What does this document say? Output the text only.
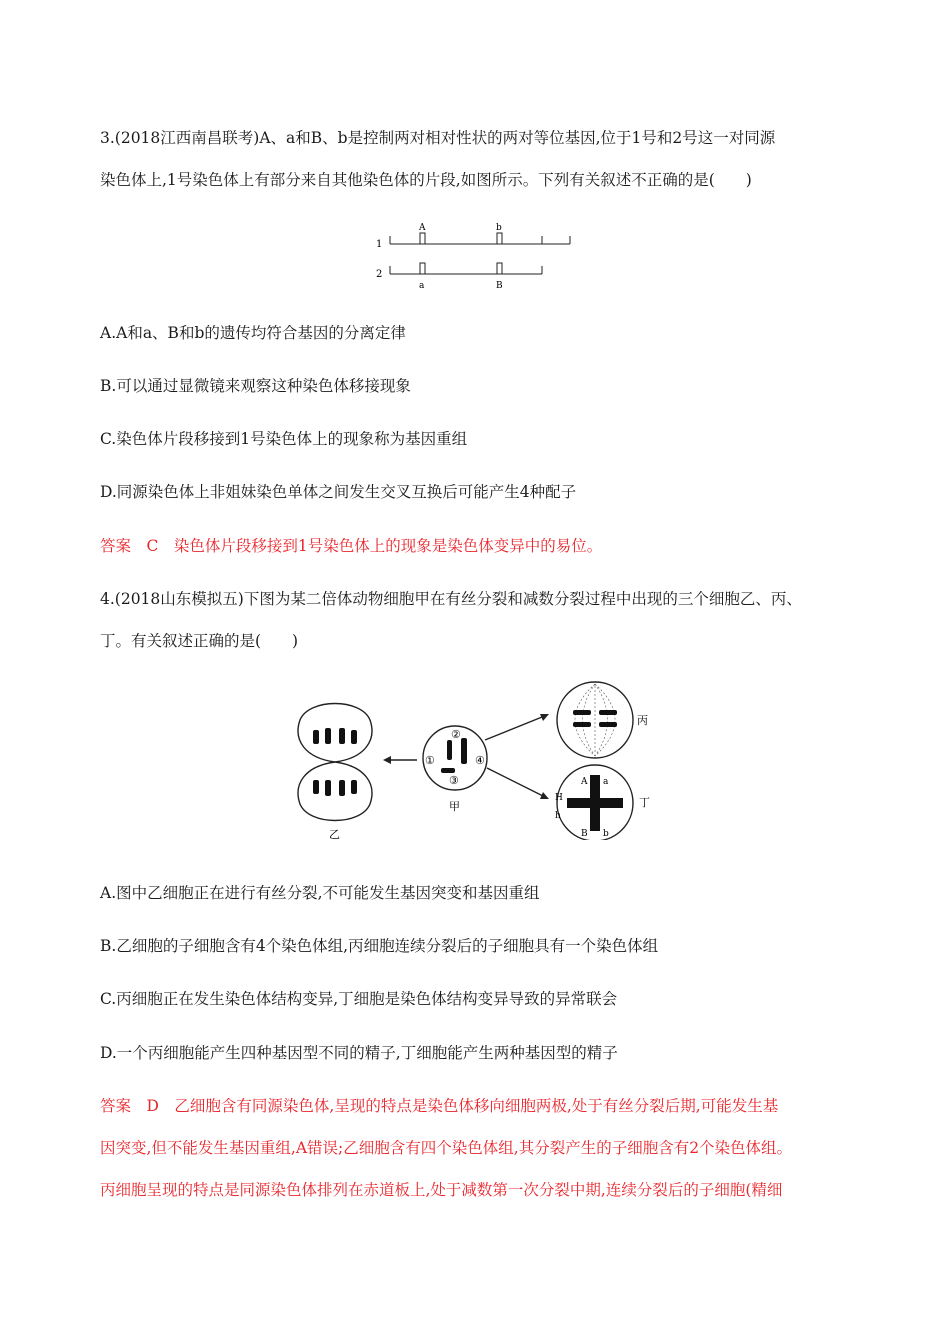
3.(2018江西南昌联考)A、a和B、b是控制两对相对性状的两对等位基因,位于1号和2号这一对同源
染色体上,1号染色体上有部分来自其他染色体的片段,如图所示。下列有关叙述不正确的是(　　)
1
2
A	b
a	B
A.A和a、B和b的遗传均符合基因的分离定律
B.可以通过显微镜来观察这种染色体移接现象
C.染色体片段移接到1号染色体上的现象称为基因重组
D.同源染色体上非姐妹染色单体之间发生交叉互换后可能产生4种配子
答案　C　染色体片段移接到1号染色体上的现象是染色体变异中的易位。
4.(2018山东模拟五)下图为某二倍体动物细胞甲在有丝分裂和减数分裂过程中出现的三个细胞乙、丙、
丁。有关叙述正确的是(　　)
①
②
③
④
乙
甲
丙
丁
A a
H
h
B b
A.图中乙细胞正在进行有丝分裂,不可能发生基因突变和基因重组
B.乙细胞的子细胞含有4个染色体组,丙细胞连续分裂后的子细胞具有一个染色体组
C.丙细胞正在发生染色体结构变异,丁细胞是染色体结构变异导致的异常联会
D.一个丙细胞能产生四种基因型不同的精子,丁细胞能产生两种基因型的精子
答案　D　乙细胞含有同源染色体,呈现的特点是染色体移向细胞两极,处于有丝分裂后期,可能发生基
因突变,但不能发生基因重组,A错误;乙细胞含有四个染色体组,其分裂产生的子细胞含有2个染色体组。
丙细胞呈现的特点是同源染色体排列在赤道板上,处于减数第一次分裂中期,连续分裂后的子细胞(精细
